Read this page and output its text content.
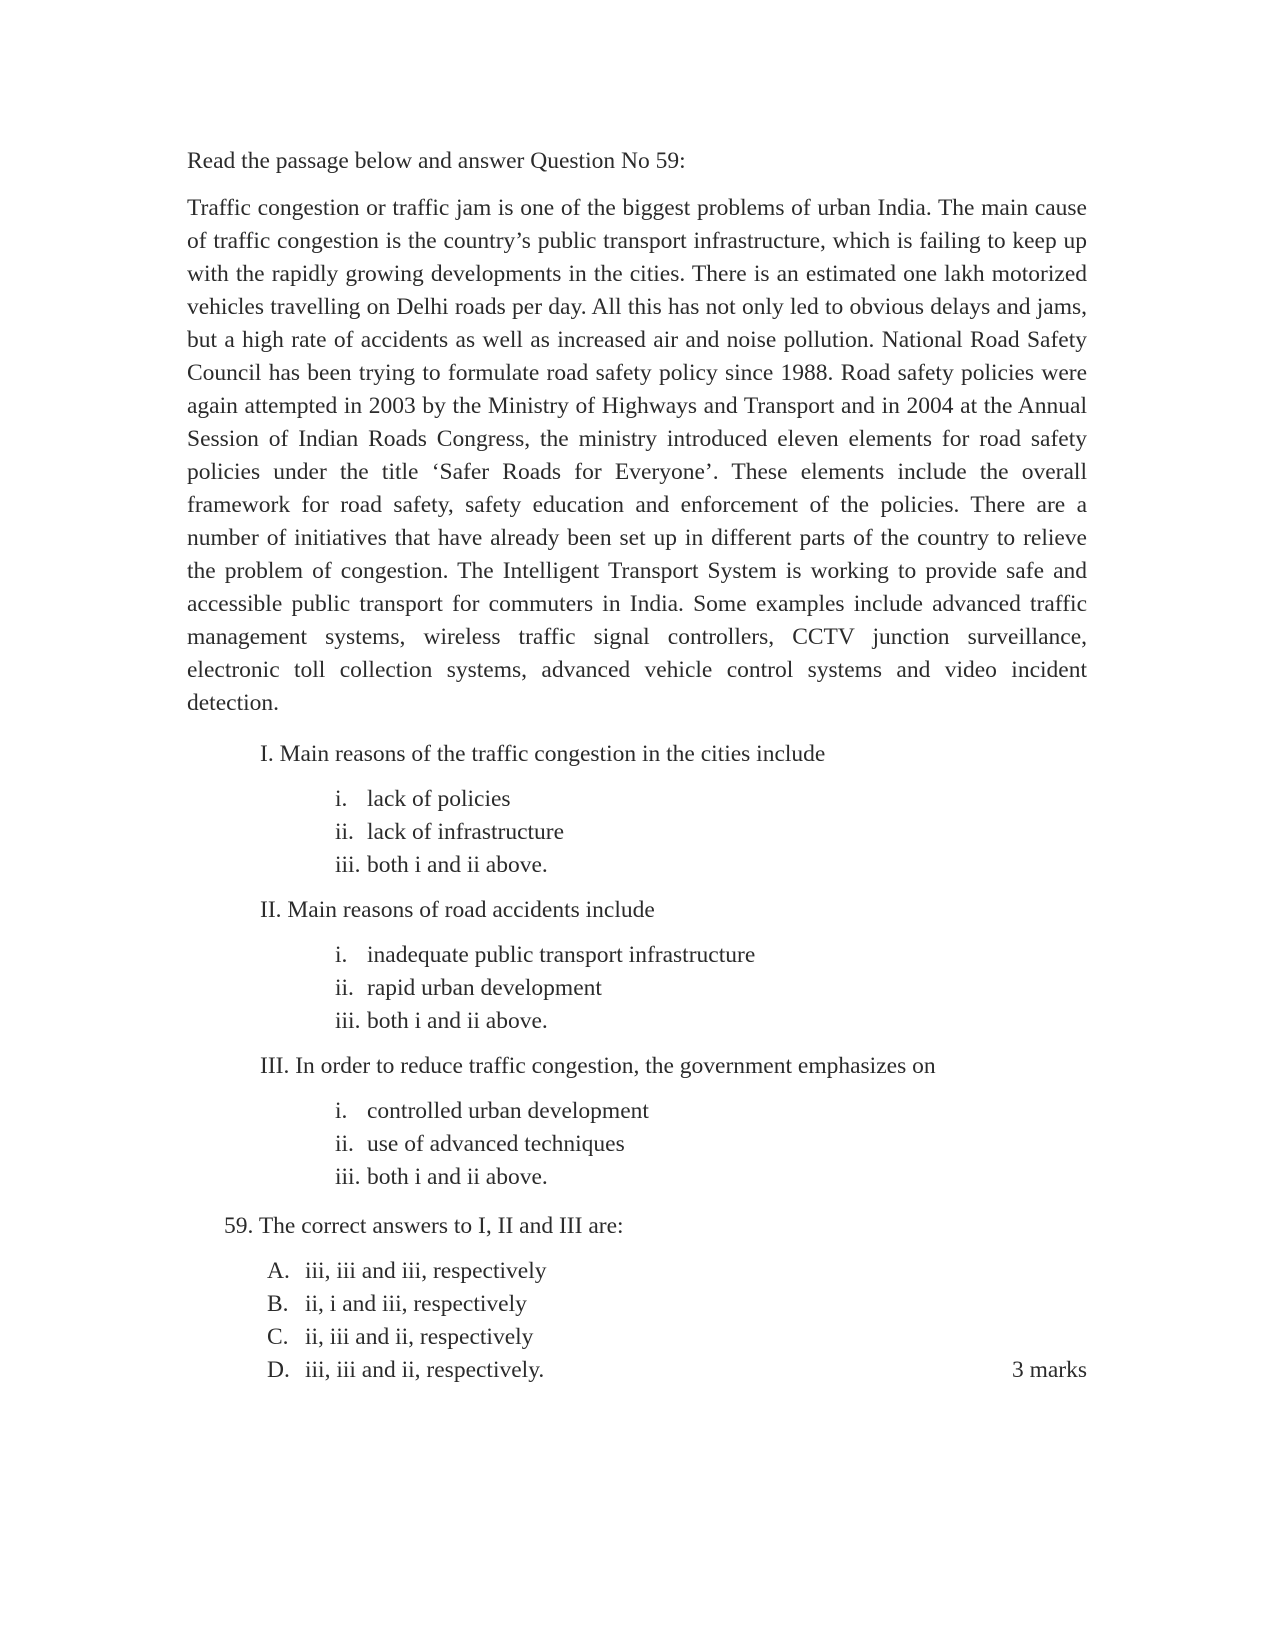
Read the passage below and answer Question No 59:

Traffic congestion or traffic jam is one of the biggest problems of urban India. The main cause of traffic congestion is the country’s public transport infrastructure, which is failing to keep up with the rapidly growing developments in the cities. There is an estimated one lakh motorized vehicles travelling on Delhi roads per day. All this has not only led to obvious delays and jams, but a high rate of accidents as well as increased air and noise pollution. National Road Safety Council has been trying to formulate road safety policy since 1988. Road safety policies were again attempted in 2003 by the Ministry of Highways and Transport and in 2004 at the Annual Session of Indian Roads Congress, the ministry introduced eleven elements for road safety policies under the title ‘Safer Roads for Everyone’. These elements include the overall framework for road safety, safety education and enforcement of the policies. There are a number of initiatives that have already been set up in different parts of the country to relieve the problem of congestion. The Intelligent Transport System is working to provide safe and accessible public transport for commuters in India. Some examples include advanced traffic management systems, wireless traffic signal controllers, CCTV junction surveillance, electronic toll collection systems, advanced vehicle control systems and video incident detection.

I. Main reasons of the traffic congestion in the cities include

i. lack of policies
ii. lack of infrastructure
iii. both i and ii above.

II. Main reasons of road accidents include

i. inadequate public transport infrastructure
ii. rapid urban development
iii. both i and ii above.

III. In order to reduce traffic congestion, the government emphasizes on

i. controlled urban development
ii. use of advanced techniques
iii. both i and ii above.

59. The correct answers to I, II and III are:

A. iii, iii and iii, respectively
B. ii, i and iii, respectively
C. ii, iii and ii, respectively
D. iii, iii and ii, respectively.	3 marks
